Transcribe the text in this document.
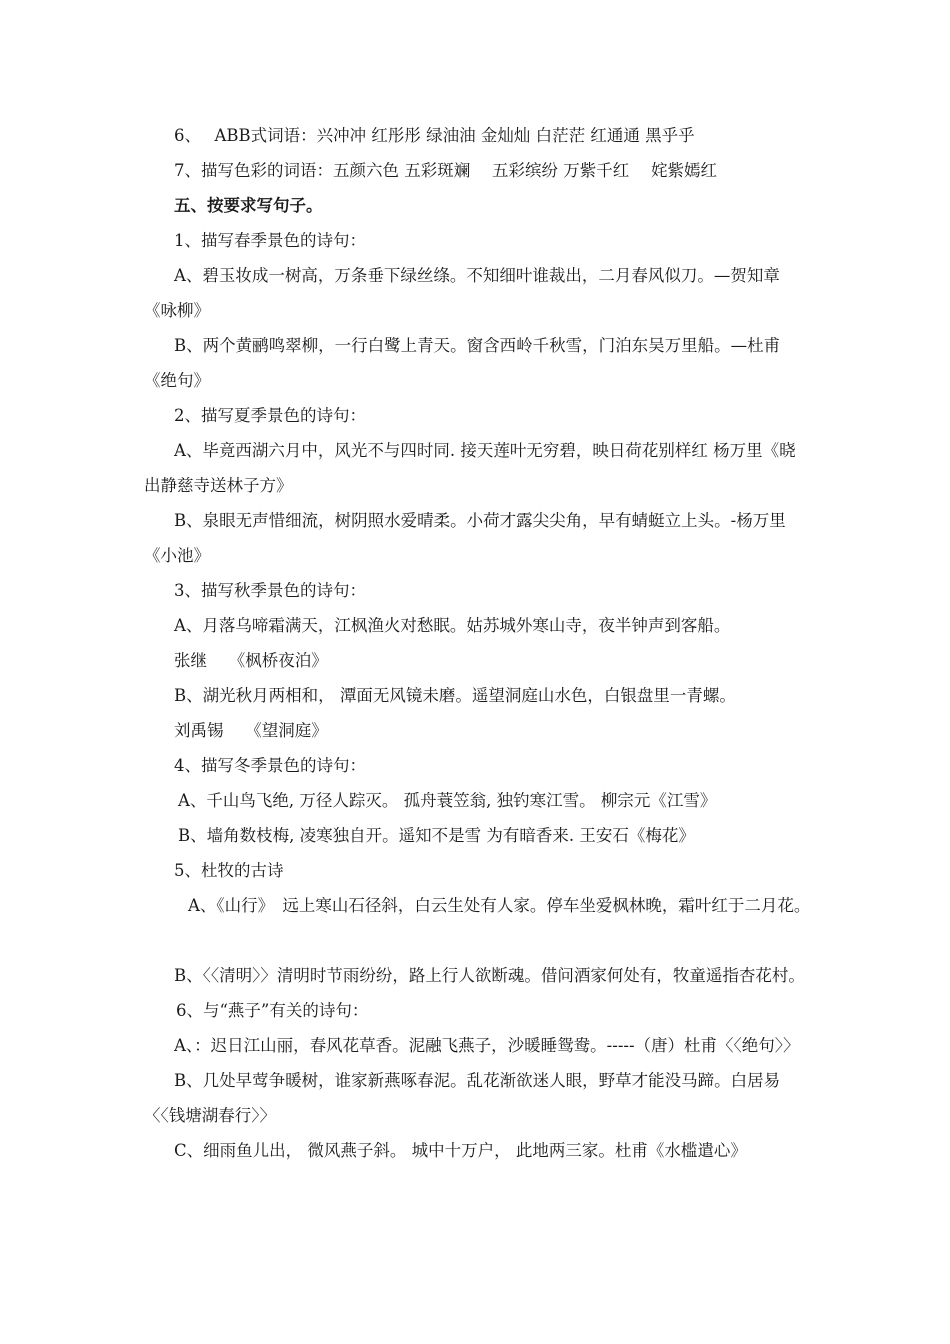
6、　 ABB式词语：兴冲冲 红彤彤 绿油油 金灿灿 白茫茫 红通通 黑乎乎
7、描写色彩的词语：五颜六色 五彩斑斓　 五彩缤纷 万紫千红　 姹紫嫣红
五、按要求写句子。
1、描写春季景色的诗句：
A、碧玉妆成一树高，万条垂下绿丝绦。不知细叶谁裁出，二月春风似刀。—贺知章
《咏柳》
B、两个黄鹂鸣翠柳，一行白鹭上青天。窗含西岭千秋雪，门泊东吴万里船。—杜甫
《绝句》
2、描写夏季景色的诗句：
A、毕竟西湖六月中，风光不与四时同. 接天莲叶无穷碧，映日荷花别样红 杨万里《晓
出静慈寺送林子方》
B、泉眼无声惜细流，树阴照水爱晴柔。小荷才露尖尖角，早有蜻蜓立上头。-杨万里
《小池》
3、描写秋季景色的诗句：
A、月落乌啼霜满天，江枫渔火对愁眠。姑苏城外寒山寺，夜半钟声到客船。
张继　 《枫桥夜泊》
B、湖光秋月两相和， 潭面无风镜未磨。遥望洞庭山水色，白银盘里一青螺。
刘禹锡　 《望洞庭》
4、描写冬季景色的诗句：
A、千山鸟飞绝, 万径人踪灭。 孤舟蓑笠翁, 独钓寒江雪。 柳宗元《江雪》
B、墙角数枝梅, 凌寒独自开。遥知不是雪 为有暗香来. 王安石《梅花》
5、杜牧的古诗
A、《山行》　远上寒山石径斜，白云生处有人家。停车坐爱枫林晚，霜叶红于二月花。
B、〈〈清明〉〉清明时节雨纷纷，路上行人欲断魂。借问酒家何处有，牧童遥指杏花村。
6、与“燕子”有关的诗句：
A、：迟日江山丽，春风花草香。泥融飞燕子，沙暖睡鸳鸯。-----（唐）杜甫〈〈绝句〉〉
B、几处早莺争暖树，谁家新燕啄春泥。乱花渐欲迷人眼，野草才能没马蹄。白居易
〈〈钱塘湖春行〉〉
C、细雨鱼儿出， 微风燕子斜。 城中十万户， 此地两三家。杜甫《水槛遣心》
